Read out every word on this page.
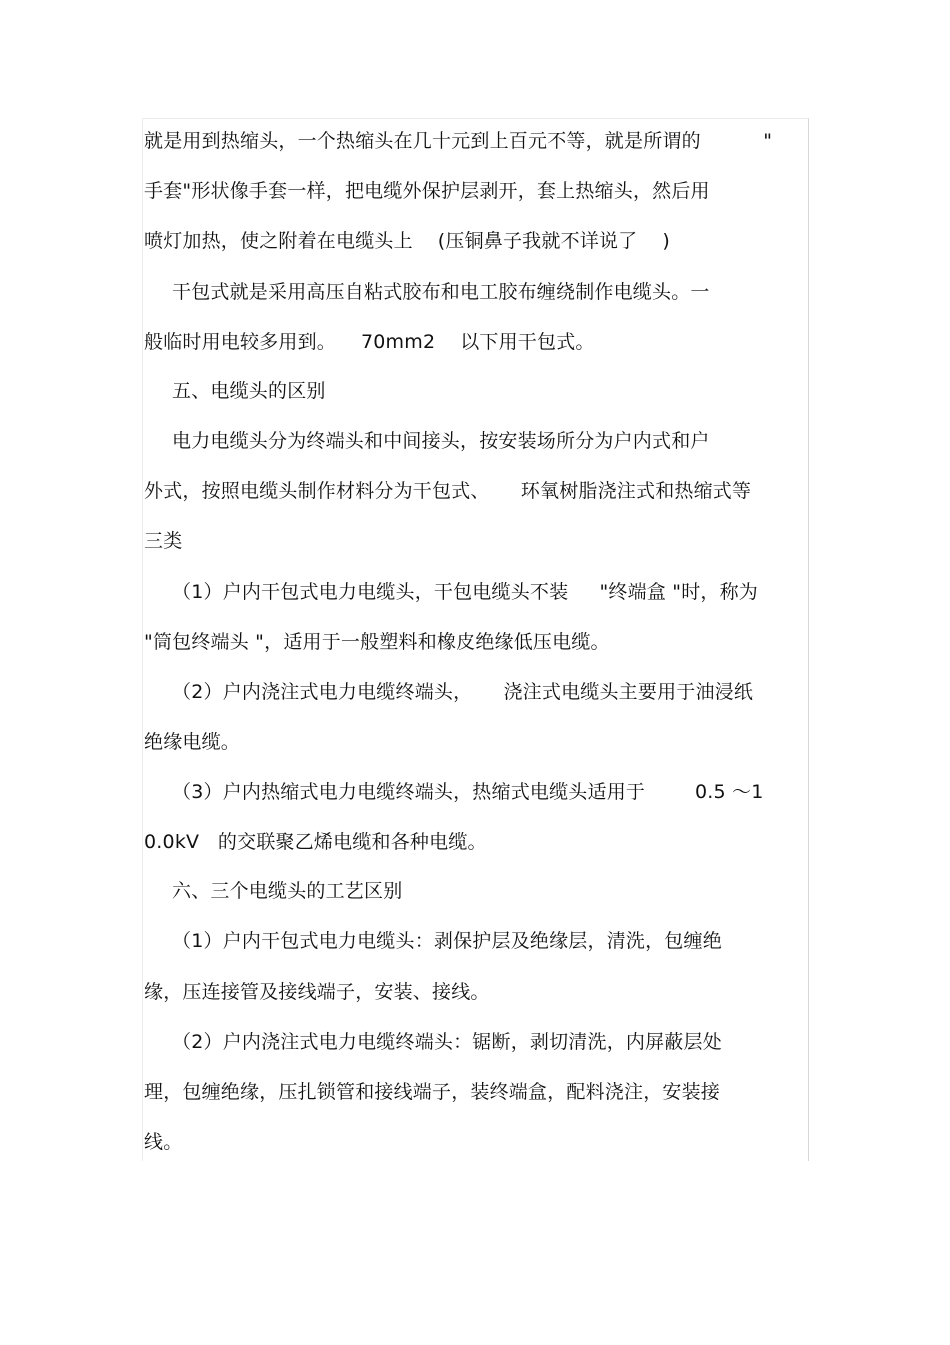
就是用到热缩头，一个热缩头在几十元到上百元不等，就是所谓的          "
手套"形状像手套一样，把电缆外保护层剥开，套上热缩头，然后用
喷灯加热，使之附着在电缆头上    (压铜鼻子我就不详说了    )
干包式就是采用高压自粘式胶布和电工胶布缠绕制作电缆头。一
般临时用电较多用到。    70mm2    以下用干包式。
五、电缆头的区别
电力电缆头分为终端头和中间接头，按安装场所分为户内式和户
外式，按照电缆头制作材料分为干包式、     环氧树脂浇注式和热缩式等
三类
（1）户内干包式电力电缆头，干包电缆头不装     "终端盒 "时，称为
"筒包终端头 "，适用于一般塑料和橡皮绝缘低压电缆。
（2）户内浇注式电力电缆终端头，     浇注式电缆头主要用于油浸纸
绝缘电缆。
（3）户内热缩式电力电缆终端头，热缩式电缆头适用于        0.5 ～1
0.0kV   的交联聚乙烯电缆和各种电缆。
六、三个电缆头的工艺区别
（1）户内干包式电力电缆头：剥保护层及绝缘层，清洗，包缠绝
缘，压连接管及接线端子，安装、接线。
（2）户内浇注式电力电缆终端头：锯断，剥切清洗，内屏蔽层处
理，包缠绝缘，压扎锁管和接线端子，装终端盒，配料浇注，安装接
线。
